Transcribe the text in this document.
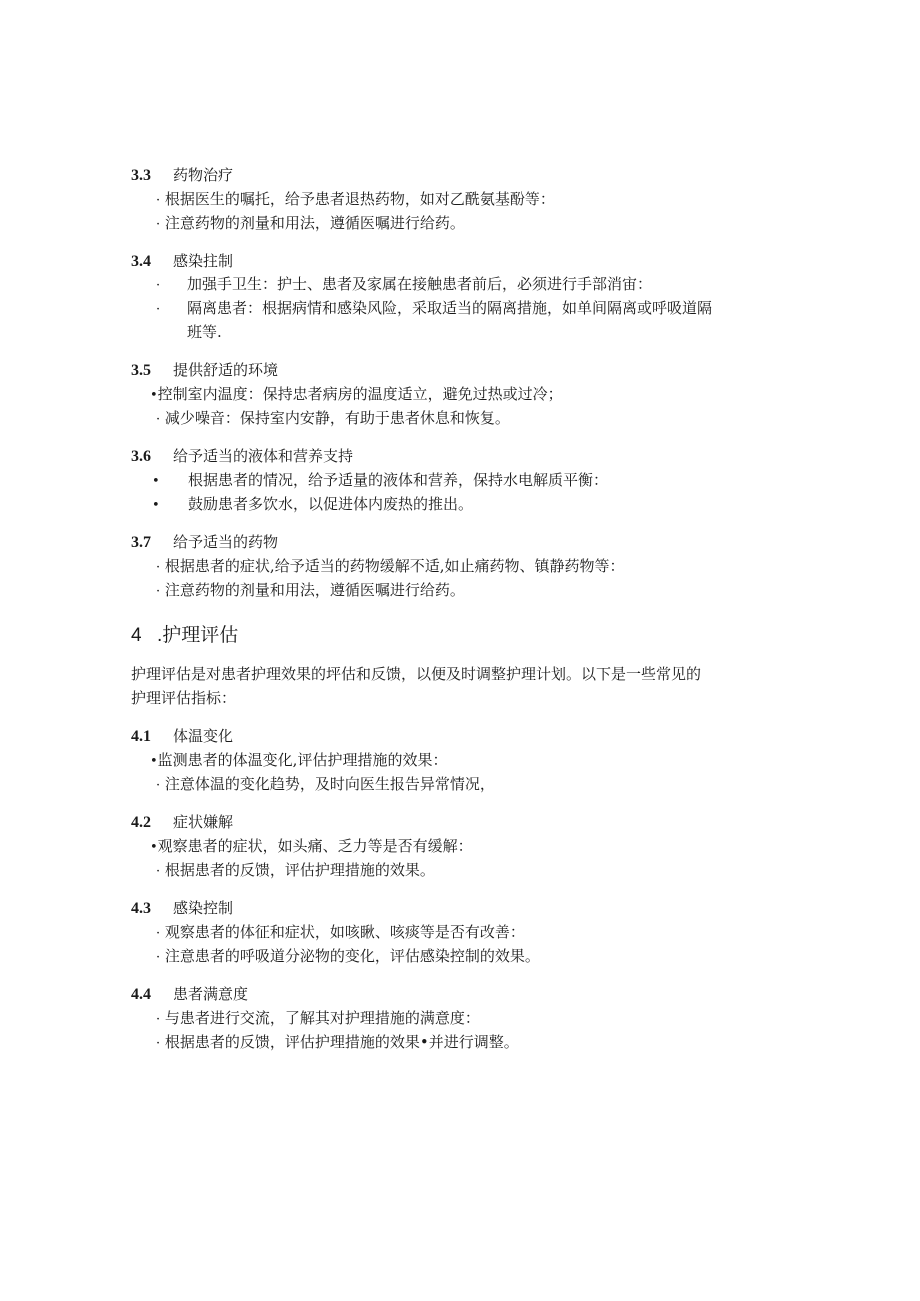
3.3 药物治疗
· 根据医生的嘱托，给予患者退热药物，如对乙酰氨基酚等：
· 注意药物的剂量和用法，遵循医嘱进行给药。
3.4 感染拄制
· 加强手卫生：护士、患者及家属在接触患者前后，必须进行手部消宙：
· 隔离患者：根据病情和感染风险，采取适当的隔离措施，如单间隔离或呼吸道隔
班等.
3.5 提供舒适的环境
•控制室内温度：保持忠者病房的温度适立，避免过热或过冷；
· 减少噪音：保持室内安静，有助于患者休息和恢复。
3.6 给予适当的液体和营养支持
• 根据患者的情况，给予适量的液体和营养，保持水电解质平衡：
• 鼓励患者多饮水，以促进体内废热的推出。
3.7 给予适当的药物
· 根据患者的症状,给予适当的药物缓解不适,如止痛药物、镇静药物等：
· 注意药物的剂量和用法，遵循医嘱进行给药。
4 .护理评估
护理评估是对患者护理效果的坪估和反馈，以便及时调整护理计划。以下是一些常见的
护理评估指标：
4.1 体温变化
•监测患者的体温变化,评估护理措施的效果：
· 注意体温的变化趋势，及时向医生报告异常情况，
4.2 症状嫌解
•观察患者的症状，如头痛、乏力等是否有缓解：
· 根据患者的反馈，评估护理措施的效果。
4.3 感染控制
· 观察患者的体征和症状，如咳瞅、咳痰等是否有改善：
· 注意患者的呼吸道分泌物的变化，评估感染控制的效果。
4.4 患者满意度
· 与患者进行交流，了解其对护理措施的满意度：
· 根据患者的反馈，评估护理措施的效果•并进行调整。
